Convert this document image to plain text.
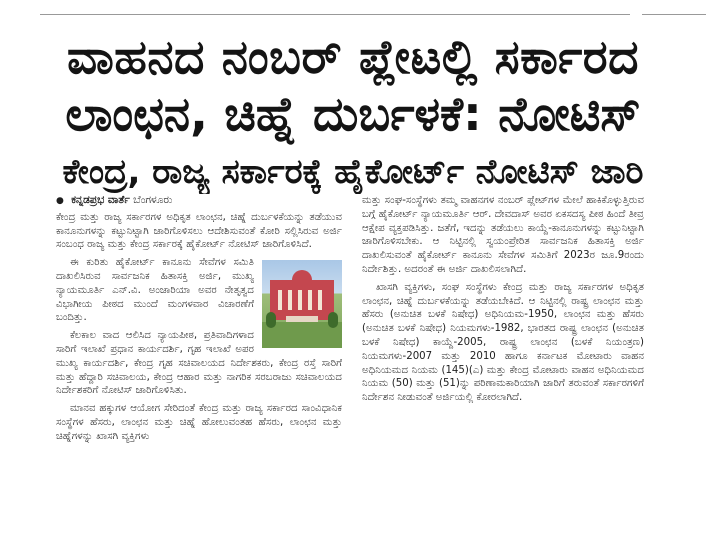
ವಾಹನದ ನಂಬರ್ ಪ್ಲೇಟಲ್ಲಿ ಸರ್ಕಾರದ
ಲಾಂಛನ, ಚಿಹ್ನೆ ದುರ್ಬಳಕೆ: ನೋಟಿಸ್
ಕೇಂದ್ರ, ರಾಜ್ಯ ಸರ್ಕಾರಕ್ಕೆ ಹೈಕೋರ್ಟ್ ನೋಟಿಸ್ ಜಾರಿ
● ಕನ್ನಡಪ್ರಭ ವಾರ್ತೆ ಬೆಂಗಳೂರು

ಕೇಂದ್ರ ಮತ್ತು ರಾಜ್ಯ ಸರ್ಕಾರಗಳ ಅಧಿಕೃತ ಲಾಂಛನ, ಚಿಹ್ನೆ ದುರ್ಬಳಕೆಯನ್ನು ತಡೆಯುವ ಕಾನೂನುಗಳನ್ನು ಕಟ್ಟುನಿಟ್ಟಾಗಿ ಜಾರಿಗೊಳಿಸಲು ಆದೇಶಿಸುವಂತೆ ಕೋರಿ ಸಲ್ಲಿಸಿರುವ ಅರ್ಜಿ ಸಂಬಂಧ ರಾಜ್ಯ ಮತ್ತು ಕೇಂದ್ರ ಸರ್ಕಾರಕ್ಕೆ ಹೈಕೋರ್ಟ್ ನೋಟಿಸ್ ಜಾರಿಗೊಳಿಸಿದೆ.

ಈ ಕುರಿತು ಹೈಕೋರ್ಟ್ ಕಾನೂನು ಸೇವೆಗಳ ಸಮಿತಿ ದಾಖಲಿಸಿರುವ ಸಾರ್ವಜನಿಕ ಹಿತಾಸಕ್ತಿ ಅರ್ಜಿ, ಮುಖ್ಯ ನ್ಯಾಯಮೂರ್ತಿ ಎನ್.ವಿ. ಅಂಜಾರಿಯಾ ಅವರ ನೇತೃತ್ವದ ವಿಭಾಗೀಯ ಪೀಠದ ಮುಂದೆ ಮಂಗಳವಾರ ವಿಚಾರಣೆಗೆ ಬಂದಿತ್ತು.

ಕೆಲಕಾಲ ವಾದ ಆಲಿಸಿದ ನ್ಯಾಯಪೀಠ, ಪ್ರತಿವಾದಿಗಳಾದ ಸಾರಿಗೆ ಇಲಾಖೆ ಪ್ರಧಾನ ಕಾರ್ಯದರ್ಶಿ, ಗೃಹ ಇಲಾಖೆ ಅಪರ ಮುಖ್ಯ ಕಾರ್ಯದರ್ಶಿ, ಕೇಂದ್ರ ಗೃಹ ಸಚಿವಾಲಯದ ನಿರ್ದೇಶಕರು, ಕೇಂದ್ರ ರಸ್ತೆ ಸಾರಿಗೆ ಮತ್ತು ಹೆದ್ದಾರಿ ಸಚಿವಾಲಯ, ಕೇಂದ್ರ ಆಹಾರ ಮತ್ತು ನಾಗರಿಕ ಸರಬರಾಜು ಸಚಿವಾಲಯದ ನಿರ್ದೇಶಕರಿಗೆ ನೋಟಿಸ್ ಜಾರಿಗೊಳಿಸಿತು.

ಮಾನವ ಹಕ್ಕುಗಳ ಆಯೋಗ ಸೇರಿದಂತೆ ಕೇಂದ್ರ ಮತ್ತು ರಾಜ್ಯ ಸರ್ಕಾರದ ಸಾಂವಿಧಾನಿಕ ಸಂಸ್ಥೆಗಳ ಹೆಸರು, ಲಾಂಛನ ಮತ್ತು ಚಿಹ್ನೆ ಹೋಲುವಂತಹ ಹೆಸರು, ಲಾಂಛನ ಮತ್ತು ಚಿಹ್ನೆಗಳನ್ನು ಖಾಸಗಿ ವ್ಯಕ್ತಿಗಳು

ಮತ್ತು ಸಂಘ-ಸಂಸ್ಥೆಗಳು ತಮ್ಮ ವಾಹನಗಳ ನಂಬರ್ ಪ್ಲೇಟ್‌ಗಳ ಮೇಲೆ ಹಾಕಿಕೊಳ್ಳುತ್ತಿರುವ ಬಗ್ಗೆ ಹೈಕೋರ್ಟ್ ನ್ಯಾಯಮೂರ್ತಿ ಆರ್. ದೇವದಾಸ್ ಅವರ ಏಕಸದಸ್ಯ ಪೀಠ ಹಿಂದೆ ತೀವ್ರ ಆಕ್ಷೇಪ ವ್ಯಕ್ತಪಡಿಸಿತ್ತು. ಜತೆಗೆ, ಇದನ್ನು ತಡೆಯಲು ಕಾಯ್ದೆ-ಕಾನೂನುಗಳನ್ನು ಕಟ್ಟುನಿಟ್ಟಾಗಿ ಜಾರಿಗೊಳಿಸಬೇಕು. ಆ ನಿಟ್ಟಿನಲ್ಲಿ ಸ್ವಯಂಪ್ರೇರಿತ ಸಾರ್ವಜನಿಕ ಹಿತಾಸಕ್ತಿ ಅರ್ಜಿ ದಾಖಲಿಸುವಂತೆ ಹೈಕೋರ್ಟ್ ಕಾನೂನು ಸೇವೆಗಳ ಸಮಿತಿಗೆ 2023ರ ಜೂ.9ರಂದು ನಿರ್ದೇಶಿತ್ತು. ಅದರಂತೆ ಈ ಅರ್ಜಿ ದಾಖಲಿಸಲಾಗಿದೆ.

ಖಾಸಗಿ ವ್ಯಕ್ತಿಗಳು, ಸಂಘ ಸಂಸ್ಥೆಗಳು ಕೇಂದ್ರ ಮತ್ತು ರಾಜ್ಯ ಸರ್ಕಾರಗಳ ಅಧಿಕೃತ ಲಾಂಛನ, ಚಿಹ್ನೆ ದುರ್ಬಳಕೆಯನ್ನು ತಡೆಯಬೇಕಿದೆ. ಆ ನಿಟ್ಟಿನಲ್ಲಿ ರಾಷ್ಟ್ರ ಲಾಂಛನ ಮತ್ತು ಹೆಸರು (ಅನುಚಿತ ಬಳಕೆ ನಿಷೇಧ) ಅಧಿನಿಯಮ-1950, ಲಾಂಛನ ಮತ್ತು ಹೆಸರು (ಅನುಚಿತ ಬಳಕೆ ನಿಷೇಧ) ನಿಯಮಗಳು-1982, ಭಾರತದ ರಾಷ್ಟ್ರ ಲಾಂಛನ (ಅನುಚಿತ ಬಳಕೆ ನಿಷೇಧ) ಕಾಯ್ದೆ-2005, ರಾಷ್ಟ್ರ ಲಾಂಛನ (ಬಳಕೆ ನಿಯಂತ್ರಣ) ನಿಯಮಗಳು-2007 ಮತ್ತು 2010 ಹಾಗೂ ಕರ್ನಾಟಕ ಮೋಟಾರು ವಾಹನ ಅಧಿನಿಯಮದ ನಿಯಮ (145)(ಎ) ಮತ್ತು ಕೇಂದ್ರ ಮೋಟಾರು ವಾಹನ ಅಧಿನಿಯಮದ ನಿಯಮ (50) ಮತ್ತು (51)ನ್ನು ಪರಿಣಾಮಕಾರಿಯಾಗಿ ಜಾರಿಗೆ ತರುವಂತೆ ಸರ್ಕಾರಗಳಿಗೆ ನಿರ್ದೇಶನ ನೀಡುವಂತೆ ಅರ್ಜಿಯಲ್ಲಿ ಕೋರಲಾಗಿದೆ.
